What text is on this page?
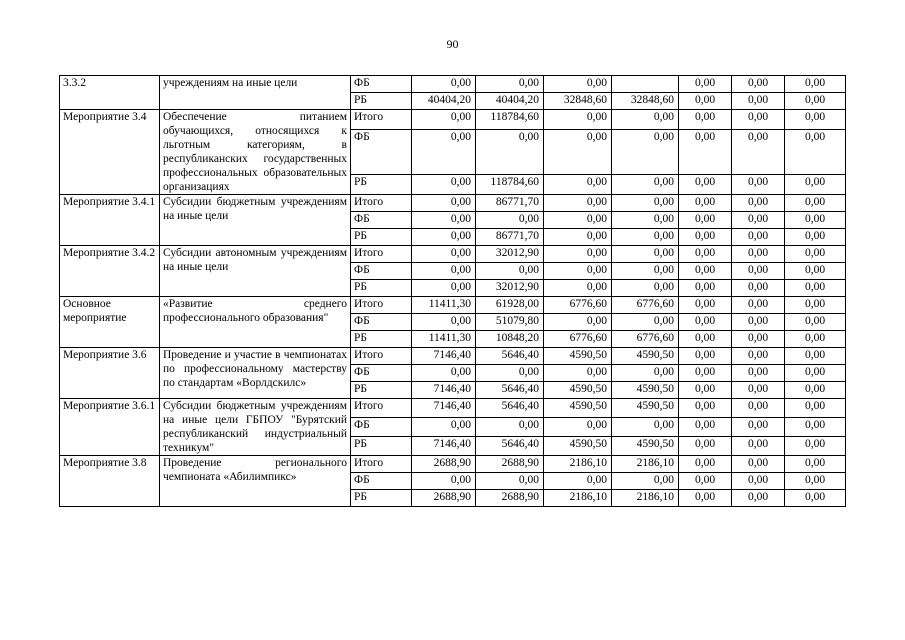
90
3.3.2	учреждениям на иные цели	ФБ	0,00	0,00	0,00		0,00	0,00	0,00
		РБ	40404,20	40404,20	32848,60	32848,60	0,00	0,00	0,00
Мероприятие 3.4	Обеспечение питанием обучающихся, относящихся к льготным категориям, в республиканских государственных профессиональных образовательных организациях	Итого	0,00	118784,60	0,00	0,00	0,00	0,00	0,00
		ФБ	0,00	0,00	0,00	0,00	0,00	0,00	0,00
		РБ	0,00	118784,60	0,00	0,00	0,00	0,00	0,00
Мероприятие 3.4.1	Субсидии бюджетным учреждениям на иные цели	Итого	0,00	86771,70	0,00	0,00	0,00	0,00	0,00
		ФБ	0,00	0,00	0,00	0,00	0,00	0,00	0,00
		РБ	0,00	86771,70	0,00	0,00	0,00	0,00	0,00
Мероприятие 3.4.2	Субсидии автономным учреждениям на иные цели	Итого	0,00	32012,90	0,00	0,00	0,00	0,00	0,00
		ФБ	0,00	0,00	0,00	0,00	0,00	0,00	0,00
		РБ	0,00	32012,90	0,00	0,00	0,00	0,00	0,00
Основное мероприятие	«Развитие среднего профессионального образования"	Итого	11411,30	61928,00	6776,60	6776,60	0,00	0,00	0,00
		ФБ	0,00	51079,80	0,00	0,00	0,00	0,00	0,00
		РБ	11411,30	10848,20	6776,60	6776,60	0,00	0,00	0,00
Мероприятие 3.6	Проведение и участие в чемпионатах по профессиональному мастерству по стандартам «Ворлдскилс»	Итого	7146,40	5646,40	4590,50	4590,50	0,00	0,00	0,00
		ФБ	0,00	0,00	0,00	0,00	0,00	0,00	0,00
		РБ	7146,40	5646,40	4590,50	4590,50	0,00	0,00	0,00
Мероприятие 3.6.1	Субсидии бюджетным учреждениям на иные цели ГБПОУ "Бурятский республиканский индустриальный техникум"	Итого	7146,40	5646,40	4590,50	4590,50	0,00	0,00	0,00
		ФБ	0,00	0,00	0,00	0,00	0,00	0,00	0,00
		РБ	7146,40	5646,40	4590,50	4590,50	0,00	0,00	0,00
Мероприятие 3.8	Проведение регионального чемпионата «Абилимпикс»	Итого	2688,90	2688,90	2186,10	2186,10	0,00	0,00	0,00
		ФБ	0,00	0,00	0,00	0,00	0,00	0,00	0,00
		РБ	2688,90	2688,90	2186,10	2186,10	0,00	0,00	0,00
